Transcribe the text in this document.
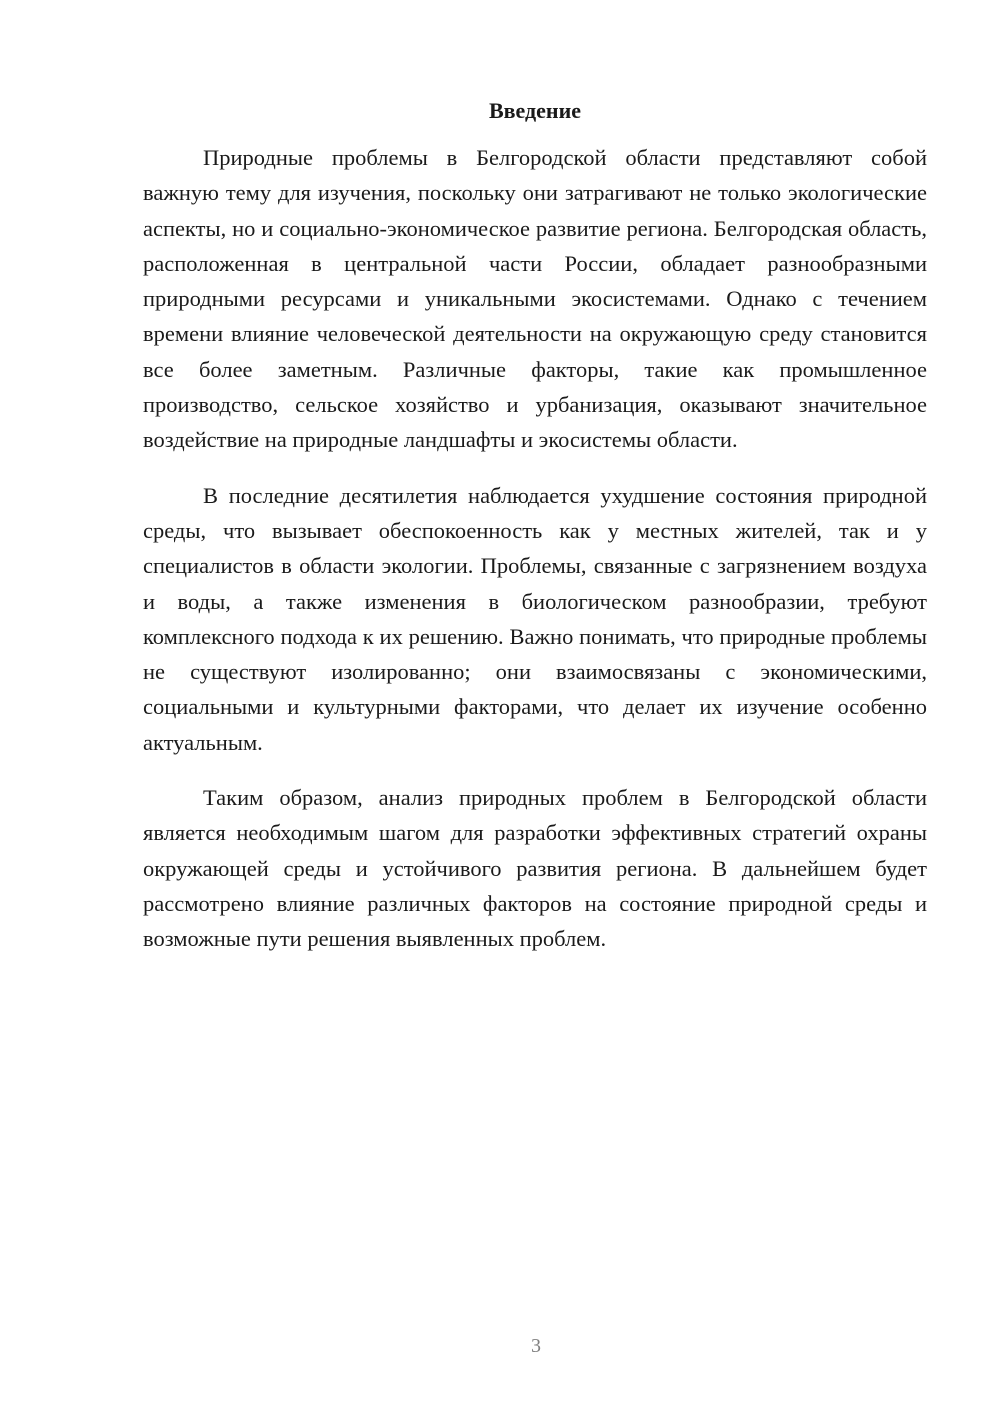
Введение

Природные проблемы в Белгородской области представляют собой важную тему для изучения, поскольку они затрагивают не только экологические аспекты, но и социально-экономическое развитие региона. Белгородская область, расположенная в центральной части России, обладает разнообразными природными ресурсами и уникальными экосистемами. Однако с течением времени влияние человеческой деятельности на окружающую среду становится все более заметным. Различные факторы, такие как промышленное производство, сельское хозяйство и урбанизация, оказывают значительное воздействие на природные ландшафты и экосистемы области.

В последние десятилетия наблюдается ухудшение состояния природной среды, что вызывает обеспокоенность как у местных жителей, так и у специалистов в области экологии. Проблемы, связанные с загрязнением воздуха и воды, а также изменения в биологическом разнообразии, требуют комплексного подхода к их решению. Важно понимать, что природные проблемы не существуют изолированно; они взаимосвязаны с экономическими, социальными и культурными факторами, что делает их изучение особенно актуальным.

Таким образом, анализ природных проблем в Белгородской области является необходимым шагом для разработки эффективных стратегий охраны окружающей среды и устойчивого развития региона. В дальнейшем будет рассмотрено влияние различных факторов на состояние природной среды и возможные пути решения выявленных проблем.

3
